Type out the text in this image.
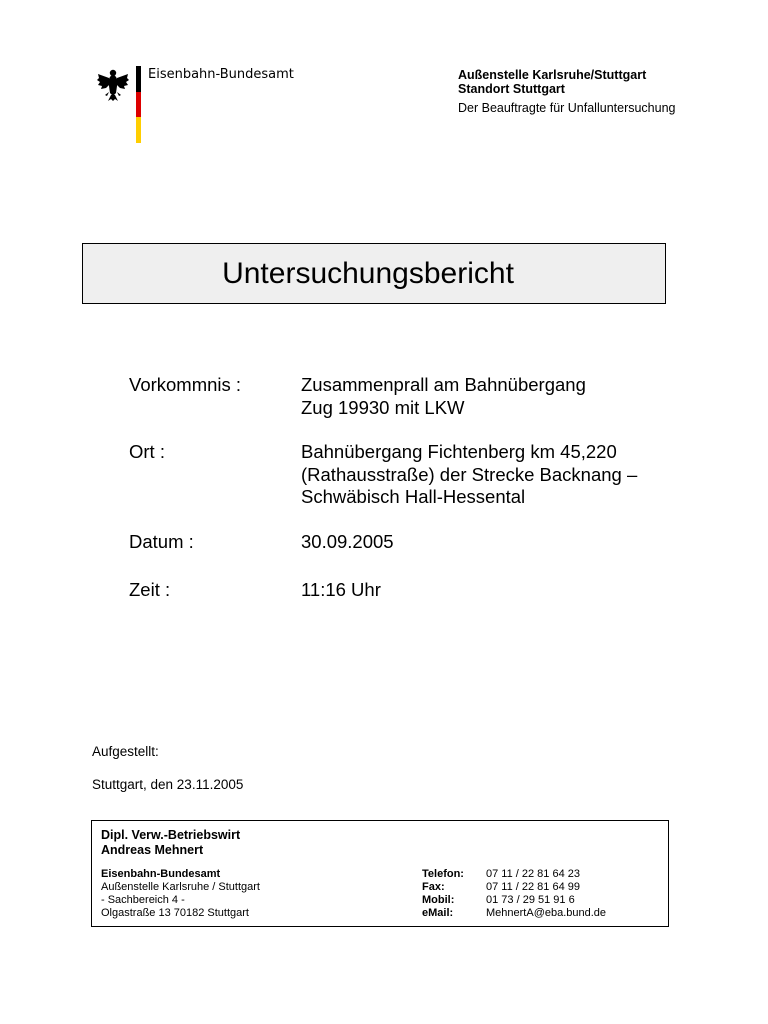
Eisenbahn-Bundesamt	Außenstelle Karlsruhe/Stuttgart
Standort Stuttgart
Der Beauftragte für Unfalluntersuchung
Untersuchungsbericht
Vorkommnis :	Zusammenprall am Bahnübergang
Zug 19930 mit LKW
Ort :	Bahnübergang Fichtenberg km 45,220
(Rathausstraße) der Strecke Backnang –
Schwäbisch Hall-Hessental
Datum :	30.09.2005
Zeit :	11:16 Uhr
Aufgestellt:
Stuttgart, den 23.11.2005
Dipl. Verw.-Betriebswirt
Andreas Mehnert
Eisenbahn-Bundesamt
Außenstelle Karlsruhe / Stuttgart
- Sachbereich 4 -
Olgastraße 13 70182 Stuttgart
Telefon: 07 11 / 22 81 64 23
Fax:	07 11 / 22 81 64 99
Mobil:	01 73 / 29 51 91 6
eMail:	MehnertA@eba.bund.de
